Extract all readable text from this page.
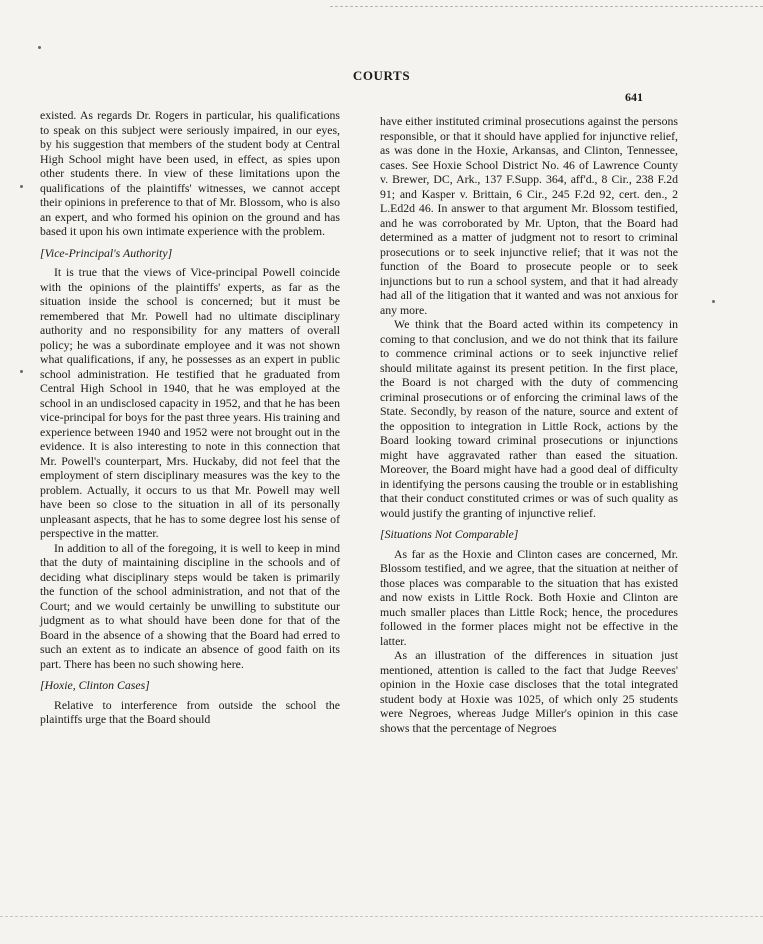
COURTS
641

existed. As regards Dr. Rogers in particular, his qualifications to speak on this subject were seriously impaired, in our eyes, by his suggestion that members of the student body at Central High School might have been used, in effect, as spies upon other students there. In view of these limitations upon the qualifications of the plaintiffs' witnesses, we cannot accept their opinions in preference to that of Mr. Blossom, who is also an expert, and who formed his opinion on the ground and has based it upon his own intimate experience with the problem.

[Vice-Principal's Authority]

It is true that the views of Vice-principal Powell coincide with the opinions of the plaintiffs' experts, as far as the situation inside the school is concerned; but it must be remembered that Mr. Powell had no ultimate disciplinary authority and no responsibility for any matters of overall policy; he was a subordinate employee and it was not shown what qualifications, if any, he possesses as an expert in public school administration. He testified that he graduated from Central High School in 1940, that he was employed at the school in an undisclosed capacity in 1952, and that he has been vice-principal for boys for the past three years. His training and experience between 1940 and 1952 were not brought out in the evidence. It is also interesting to note in this connection that Mr. Powell's counterpart, Mrs. Huckaby, did not feel that the employment of stern disciplinary measures was the key to the problem. Actually, it occurs to us that Mr. Powell may well have been so close to the situation in all of its personally unpleasant aspects, that he has to some degree lost his sense of perspective in the matter.

In addition to all of the foregoing, it is well to keep in mind that the duty of maintaining discipline in the schools and of deciding what disciplinary steps would be taken is primarily the function of the school administration, and not that of the Court; and we would certainly be unwilling to substitute our judgment as to what should have been done for that of the Board in the absence of a showing that the Board had erred to such an extent as to indicate an absence of good faith on its part. There has been no such showing here.

[Hoxie, Clinton Cases]

Relative to interference from outside the school the plaintiffs urge that the Board should

have either instituted criminal prosecutions against the persons responsible, or that it should have applied for injunctive relief, as was done in the Hoxie, Arkansas, and Clinton, Tennessee, cases. See Hoxie School District No. 46 of Lawrence County v. Brewer, DC, Ark., 137 F.Supp. 364, aff'd., 8 Cir., 238 F.2d 91; and Kasper v. Brittain, 6 Cir., 245 F.2d 92, cert. den., 2 L.Ed2d 46. In answer to that argument Mr. Blossom testified, and he was corroborated by Mr. Upton, that the Board had determined as a matter of judgment not to resort to criminal prosecutions or to seek injunctive relief; that it was not the function of the Board to prosecute people or to seek injunctions but to run a school system, and that it had already had all of the litigation that it wanted and was not anxious for any more.

We think that the Board acted within its competency in coming to that conclusion, and we do not think that its failure to commence criminal actions or to seek injunctive relief should militate against its present petition. In the first place, the Board is not charged with the duty of commencing criminal prosecutions or of enforcing the criminal laws of the State. Secondly, by reason of the nature, source and extent of the opposition to integration in Little Rock, actions by the Board looking toward criminal prosecutions or injunctions might have aggravated rather than eased the situation. Moreover, the Board might have had a good deal of difficulty in identifying the persons causing the trouble or in establishing that their conduct constituted crimes or was of such quality as would justify the granting of injunctive relief.

[Situations Not Comparable]

As far as the Hoxie and Clinton cases are concerned, Mr. Blossom testified, and we agree, that the situation at neither of those places was comparable to the situation that has existed and now exists in Little Rock. Both Hoxie and Clinton are much smaller places than Little Rock; hence, the procedures followed in the former places might not be effective in the latter.

As an illustration of the differences in situation just mentioned, attention is called to the fact that Judge Reeves' opinion in the Hoxie case discloses that the total integrated student body at Hoxie was 1025, of which only 25 students were Negroes, whereas Judge Miller's opinion in this case shows that the percentage of Negroes
